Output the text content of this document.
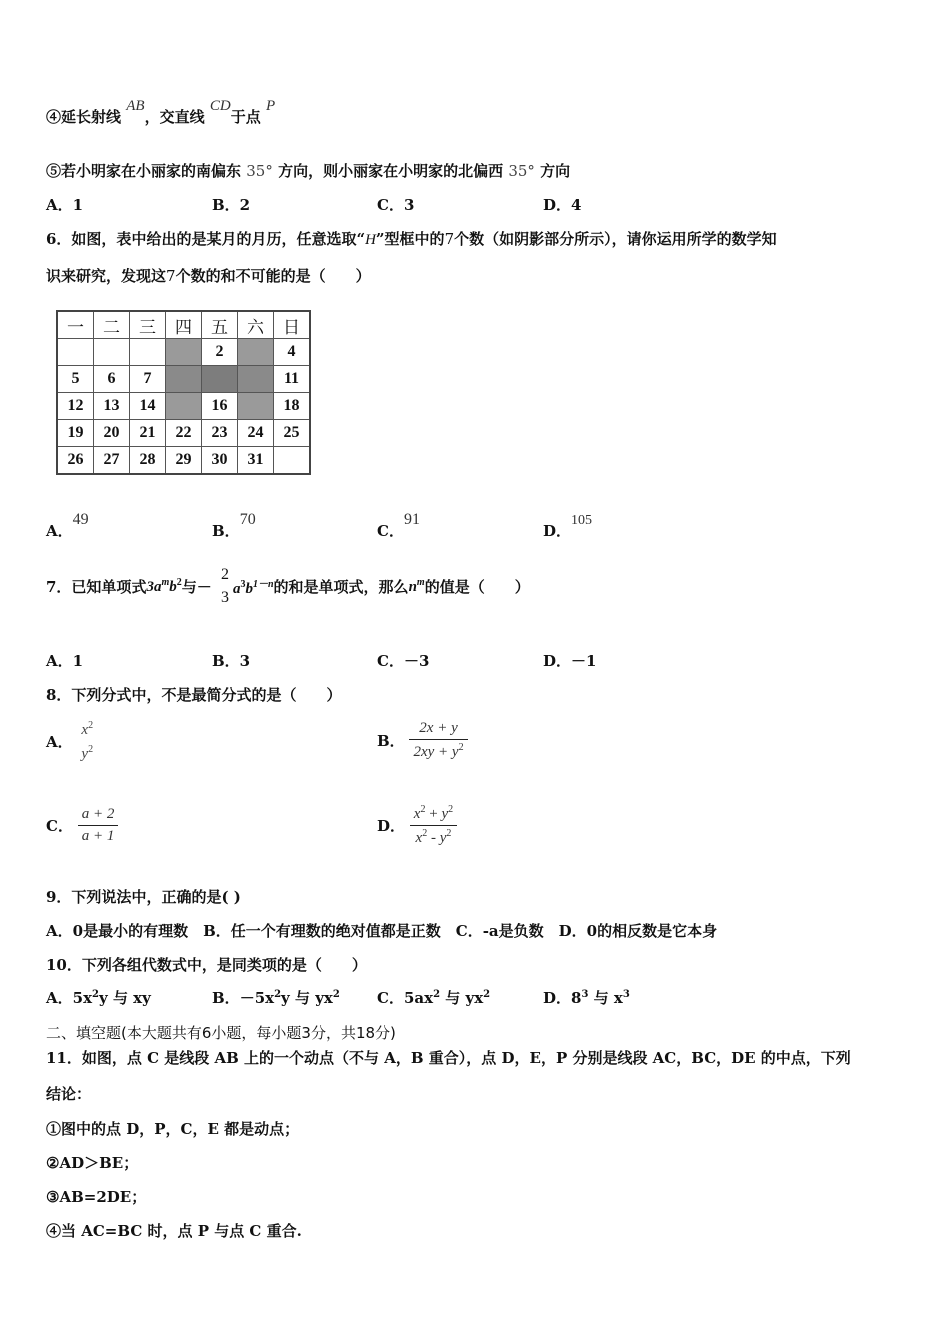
④延长射线 AB，交直线 CD于点 P
⑤若小明家在小丽家的南偏东 35° 方向，则小丽家在小明家的北偏西 35° 方向
A．1	B．2	C．3	D．4
6．如图，表中给出的是某月的月历，任意选取“H”型框中的7个数（如阴影部分所示），请你运用所学的数学知
识来研究，发现这7个数的和不可能的是（　　）
一	二	三	四	五	六	日
				2		4
5	6	7				11
12	13	14		16		18
19	20	21	22	23	24	25
26	27	28	29	30	31	
A．49
B．70
C．91
D．105
7．已知单项式$3a^mb^2$与－ $\frac{2}{3} a^3b^{1-n}$的和是单项式，那么$n^m$的值是（　　）
A．1	B．3	C．－3	D．－1
8．下列分式中，不是最简分式的是（　　）
A． $\frac{x^2}{y^2}$	B． $\frac{2x + y}{2xy + y^2}$
C． $\frac{a + 2}{a + 1}$	D． $\frac{x^2 + y^2}{x^2 - y^2}$
9．下列说法中，正确的是( )
A．0是最小的有理数　B．任一个有理数的绝对值都是正数　C．-a是负数　D．0的相反数是它本身
10．下列各组代数式中，是同类项的是（　　）
A．$5x^2y$ 与 xy	B．$-5x^2y$ 与 $yx^2$ C．$5ax^2$ 与 $yx^2$	D．$8^3$ 与 $x^3$
二、填空题(本大题共有6小题，每小题3分，共18分)
11．如图，点 C 是线段 AB 上的一个动点（不与 A，B 重合），点 D，E，P 分别是线段 AC，BC，DE 的中点，下列
结论：
①图中的点 D，P，C，E 都是动点；
②AD＞BE；
③AB=2DE；
④当 AC=BC 时，点 P 与点 C 重合.
